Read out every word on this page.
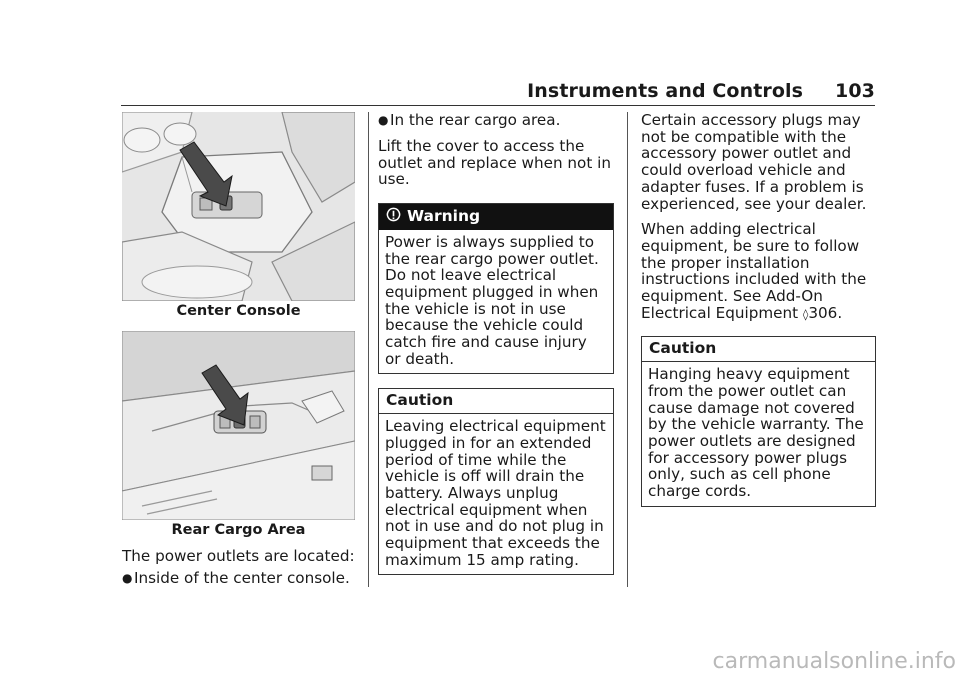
Instruments and Controls 103
Center Console
Rear Cargo Area

The power outlets are located:

● Inside of the center console.
● In the rear cargo area.

Lift the cover to access the outlet and replace when not in use.

Warning
Power is always supplied to the rear cargo power outlet. Do not leave electrical equipment plugged in when the vehicle is not in use because the vehicle could catch fire and cause injury or death.
Caution
Leaving electrical equipment plugged in for an extended period of time while the vehicle is off will drain the battery. Always unplug electrical equipment when not in use and do not plug in equipment that exceeds the maximum 15 amp rating.

Certain accessory plugs may not be compatible with the accessory power outlet and could overload vehicle and adapter fuses. If a problem is experienced, see your dealer.

When adding electrical equipment, be sure to follow the proper installation instructions included with the equipment. See Add-On Electrical Equipment ◊306.

Caution
Hanging heavy equipment from the power outlet can cause damage not covered by the vehicle warranty. The power outlets are designed for accessory power plugs only, such as cell phone charge cords.
carmanualsonline.info
